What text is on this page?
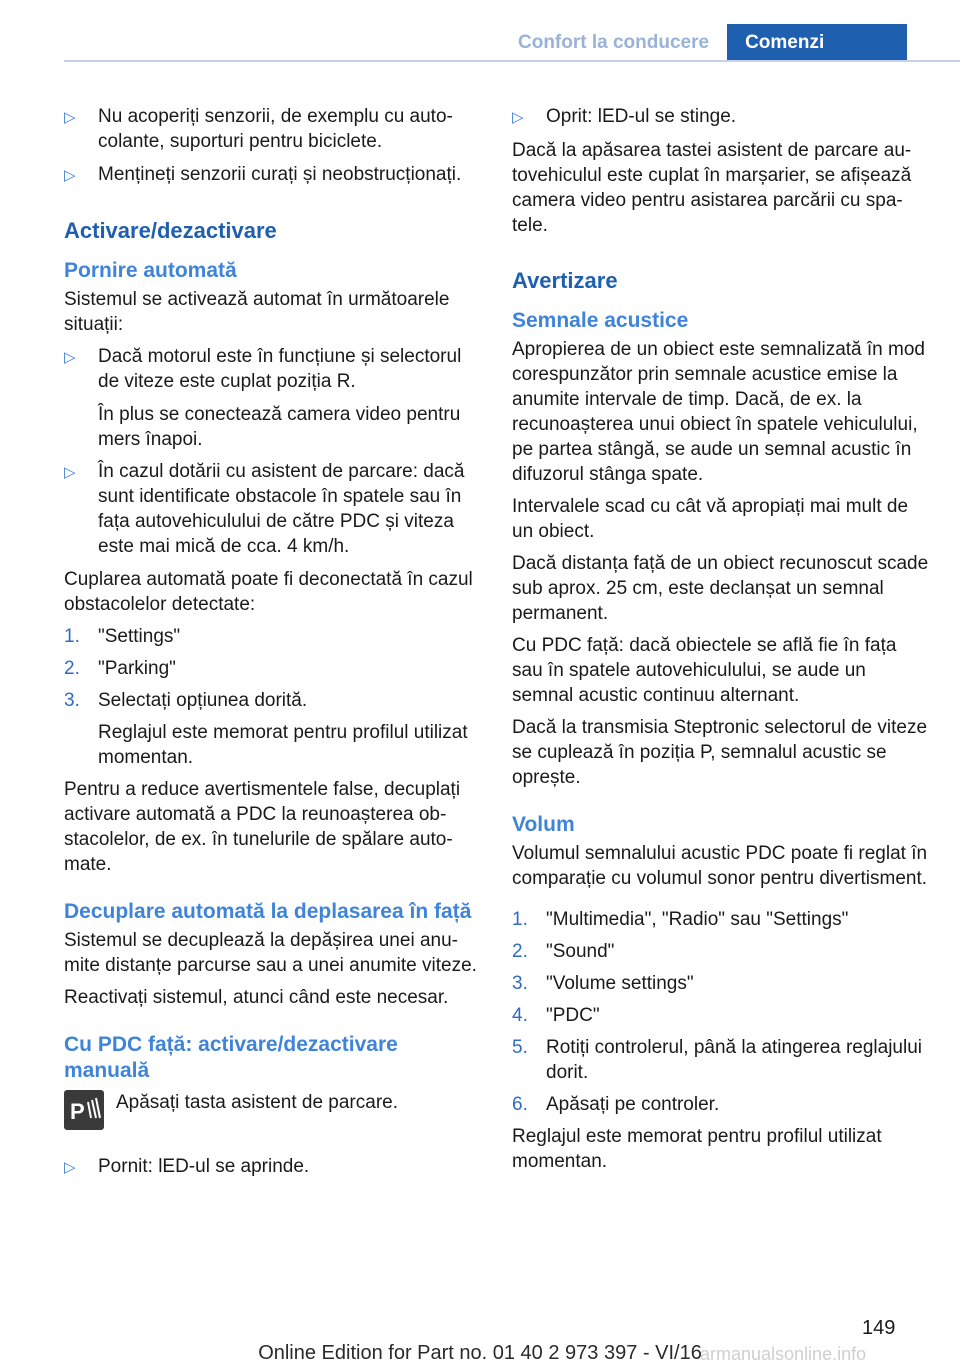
Confort la conducere	Comenzi
▷	Nu acoperiți senzorii, de exemplu cu autocolante, suporturi pentru biciclete.
▷	Mențineți senzorii curați și neobstrucționați.
Activare/dezactivare
Pornire automată

Sistemul se activează automat în următoarele situații:

▷	Dacă motorul este în funcțiune și selectorul de viteze este cuplat poziția R.
În plus se conectează camera video pentru mers înapoi.
▷	În cazul dotării cu asistent de parcare: dacă sunt identificate obstacole în spatele sau în fața autovehiculului de către PDC și viteza este mai mică de cca. 4 km/h.

Cuplarea automată poate fi deconectată în cazul obstacolelor detectate:

1. "Settings"
2. "Parking"
3. Selectați opțiunea dorită.
Reglajul este memorat pentru profilul utilizat momentan.

Pentru a reduce avertismentele false, decuplați activare automată a PDC la reunoașterea obstacolelor, de ex. în tunelurile de spălare automate.

Decuplare automată la deplasarea în față

Sistemul se decuplează la depășirea unei anumite distanțe parcurse sau a unei anumite viteze.

Reactivați sistemul, atunci când este necesar.

Cu PDC față: activare/dezactivare manuală
P Apăsați tasta asistent de parcare.
▷	Pornit: lED-ul se aprinde.
▷	Oprit: lED-ul se stinge.

Dacă la apăsarea tastei asistent de parcare autovehiculul este cuplat în marșarier, se afișează camera video pentru asistarea parcării cu spatele.

Avertizare
Semnale acustice

Apropierea de un obiect este semnalizată în mod corespunzător prin semnale acustice emise la anumite intervale de timp. Dacă, de ex. la recunoașterea unui obiect în spatele vehiculului, pe partea stângă, se aude un semnal acustic în difuzorul stânga spate.

Intervalele scad cu cât vă apropiați mai mult de un obiect.

Dacă distanța față de un obiect recunoscut scade sub aprox. 25 cm, este declanșat un semnal permanent.

Cu PDC față: dacă obiectele se află fie în fața sau în spatele autovehiculului, se aude un semnal acustic continuu alternant.

Dacă la transmisia Steptronic selectorul de viteze se cuplează în poziția P, semnalul acustic se oprește.

Volum

Volumul semnalului acustic PDC poate fi reglat în comparație cu volumul sonor pentru divertisment.

1. "Multimedia", "Radio" sau "Settings"
2. "Sound"
3. "Volume settings"
4. "PDC"
5. Rotiți controlerul, până la atingerea reglajului dorit.
6. Apăsați pe controler.

Reglajul este memorat pentru profilul utilizat momentan.

149
armanualsonline.info
Online Edition for Part no. 01 40 2 973 397 - VI/16
